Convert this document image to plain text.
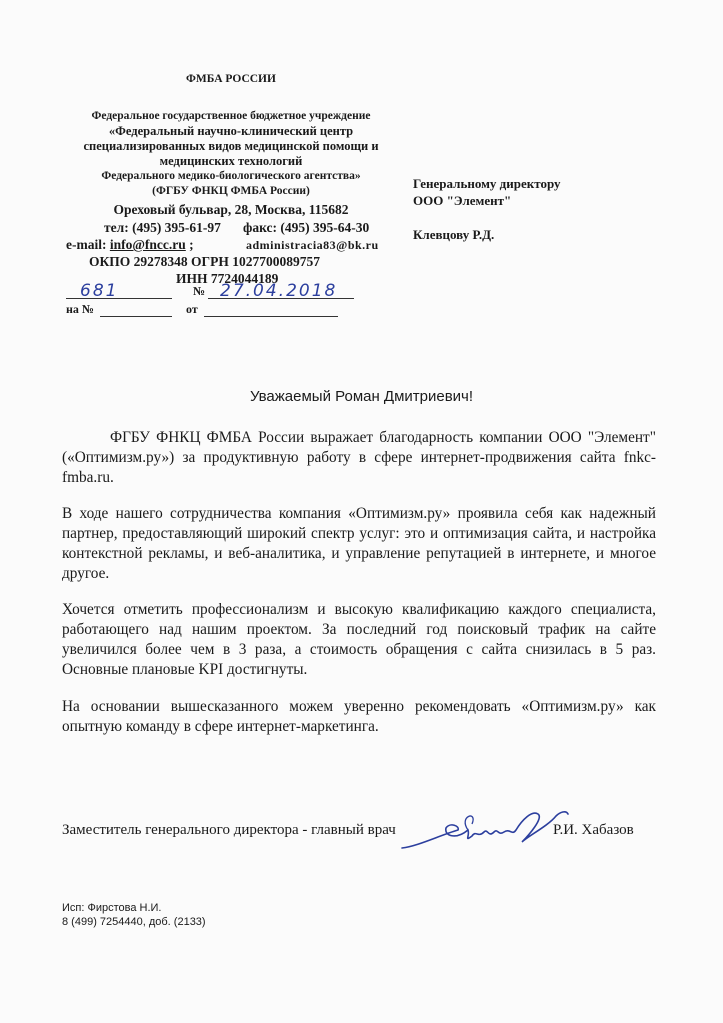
ФМБА РОССИИ
Федеральное государственное бюджетное учреждение
«Федеральный научно-клинический центр
специализированных видов медицинской помощи и
медицинских технологий
Федерального медико-биологического агентства»
(ФГБУ ФНКЦ ФМБА России)
Ореховый бульвар, 28, Москва, 115682
тел: (495) 395-61-97 факс: (495) 395-64-30
e-mail: info@fnсс.ru ;	administracia83@bk.ru
ОКПО 29278348 ОГРН 1027700089757
ИНН 7724044189
681	№ 27.04.2018
на №	от
Генеральному директору
ООО "Элемент"
Клевцову Р.Д.
Уважаемый Роман Дмитриевич!
ФГБУ ФНКЦ ФМБА России выражает благодарность компании ООО "Элемент" («Оптимизм.ру») за продуктивную работу в сфере интернет-продвижения сайта fnkc-fmba.ru.
В ходе нашего сотрудничества компания «Оптимизм.ру» проявила себя как надежный партнер, предоставляющий широкий спектр услуг: это и оптимизация сайта, и настройка контекстной рекламы, и веб-аналитика, и управление репутацией в интернете, и многое другое.
Хочется отметить профессионализм и высокую квалификацию каждого специалиста, работающего над нашим проектом. За последний год поисковый трафик на сайте увеличился более чем в 3 раза, а стоимость обращения с сайта снизилась в 5 раз. Основные плановые KPI достигнуты.
На основании вышесказанного можем уверенно рекомендовать «Оптимизм.ру» как опытную команду в сфере интернет-маркетинга.
Заместитель генерального директора - главный врач	Р.И. Хабазов
Исп: Фирстова Н.И.
8 (499) 7254440, доб. (2133)
